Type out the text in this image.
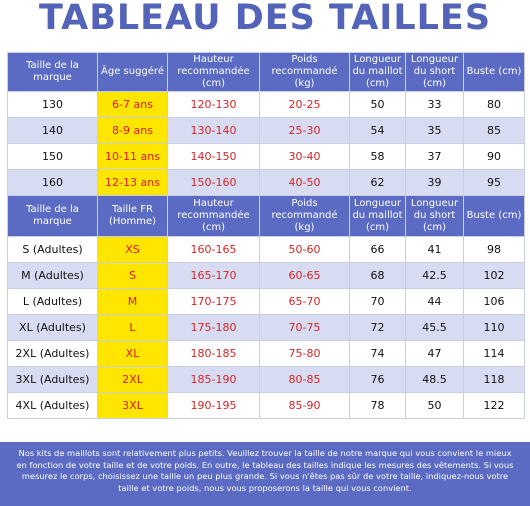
TABLEAU DES TAILLES
Taille de la marque	Âge suggéré	Hauteur recommandée (cm)	Poids recommandé (kg)	Longueur du maillot (cm)	Longueur du short (cm)	Buste (cm)
130	6-7 ans	120-130	20-25	50	33	80
140	8-9 ans	130-140	25-30	54	35	85
150	10-11 ans	140-150	30-40	58	37	90
160	12-13 ans	150-160	40-50	62	39	95
Taille de la marque	Taille FR (Homme)	Hauteur recommandée (cm)	Poids recommandé (kg)	Longueur du maillot (cm)	Longueur du short (cm)	Buste (cm)
S (Adultes)	XS	160-165	50-60	66	41	98
M (Adultes)	S	165-170	60-65	68	42.5	102
L (Adultes)	M	170-175	65-70	70	44	106
XL (Adultes)	L	175-180	70-75	72	45.5	110
2XL (Adultes)	XL	180-185	75-80	74	47	114
3XL (Adultes)	2XL	185-190	80-85	76	48.5	118
4XL (Adultes)	3XL	190-195	85-90	78	50	122
Nos kits de maillots sont relativement plus petits. Veuillez trouver la taille de notre marque qui vous convient le mieux en fonction de votre taille et de votre poids. En outre, le tableau des tailles indique les mesures des vêtements. Si vous mesurez le corps, choisissez une taille un peu plus grande. Si vous n'êtes pas sûr de votre taille, indiquez-nous votre taille et votre poids, nous vous proposerons la taille qui vous convient.
